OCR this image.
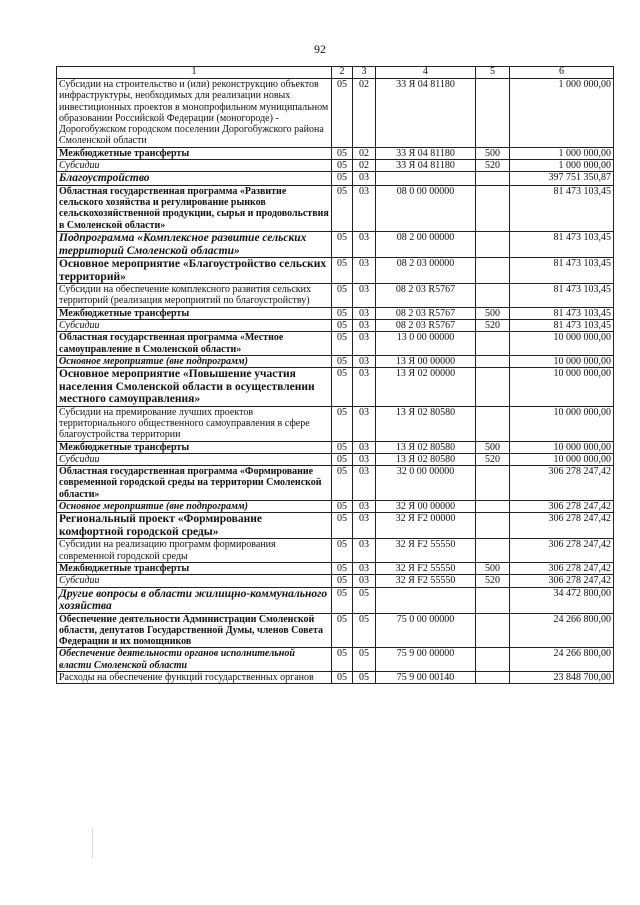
92
1	2	3	4	5	6
Субсидии на строительство и (или) реконструкцию объектов инфраструктуры, необходимых для реализации новых инвестиционных проектов в монопрофильном муниципальном образовании Российской Федерации (моногороде) - Дорогобужском городском поселении Дорогобужского района Смоленской области	05	02	33 Я 04 81180		1 000 000,00
Межбюджетные трансферты	05	02	33 Я 04 81180	500	1 000 000,00
Субсидии	05	02	33 Я 04 81180	520	1 000 000,00
Благоустройство	05	03			397 751 350,87
Областная государственная программа «Развитие сельского хозяйства и регулирование рынков сельскохозяйственной продукции, сырья и продовольствия в Смоленской области»	05	03	08 0 00 00000		81 473 103,45
Подпрограмма «Комплексное развитие сельских территорий Смоленской области»	05	03	08 2 00 00000		81 473 103,45
Основное мероприятие «Благоустройство сельских территорий»	05	03	08 2 03 00000		81 473 103,45
Субсидии на обеспечение комплексного развития сельских территорий (реализация мероприятий по благоустройству)	05	03	08 2 03 R5767		81 473 103,45
Межбюджетные трансферты	05	03	08 2 03 R5767	500	81 473 103,45
Субсидии	05	03	08 2 03 R5767	520	81 473 103,45
Областная государственная программа «Местное самоуправление в Смоленской области»	05	03	13 0 00 00000		10 000 000,00
Основное мероприятие (вне подпрограмм)	05	03	13 Я 00 00000		10 000 000,00
Основное мероприятие «Повышение участия населения Смоленской области в осуществлении местного самоуправления»	05	03	13 Я 02 00000		10 000 000,00
Субсидии на премирование лучших проектов территориального общественного самоуправления в сфере благоустройства территории	05	03	13 Я 02 80580		10 000 000,00
Межбюджетные трансферты	05	03	13 Я 02 80580	500	10 000 000,00
Субсидии	05	03	13 Я 02 80580	520	10 000 000,00
Областная государственная программа «Формирование современной городской среды на территории Смоленской области»	05	03	32 0 00 00000		306 278 247,42
Основное мероприятие (вне подпрограмм)	05	03	32 Я 00 00000		306 278 247,42
Региональный проект «Формирование комфортной городской среды»	05	03	32 Я F2 00000		306 278 247,42
Субсидии на реализацию программ формирования современной городской среды	05	03	32 Я F2 55550		306 278 247,42
Межбюджетные трансферты	05	03	32 Я F2 55550	500	306 278 247,42
Субсидии	05	03	32 Я F2 55550	520	306 278 247,42
Другие вопросы в области жилищно-коммунального хозяйства	05	05			34 472 800,00
Обеспечение деятельности Администрации Смоленской области, депутатов Государственной Думы, членов Совета Федерации и их помощников	05	05	75 0 00 00000		24 266 800,00
Обеспечение деятельности органов исполнительной власти Смоленской области	05	05	75 9 00 00000		24 266 800,00
Расходы на обеспечение функций государственных органов	05	05	75 9 00 00140		23 848 700,00
